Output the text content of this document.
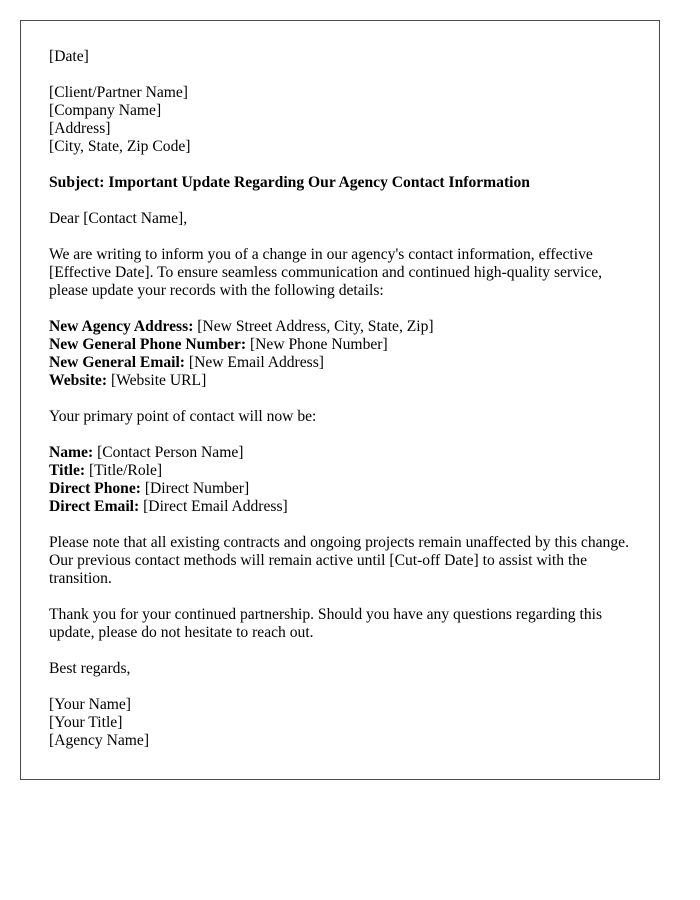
[Date]

[Client/Partner Name]

[Company Name]

[Address]

[City, State, Zip Code]

Subject: Important Update Regarding Our Agency Contact Information

Dear [Contact Name],

We are writing to inform you of a change in our agency's contact information, effective [Effective Date]. To ensure seamless communication and continued high-quality service, please update your records with the following details:

New Agency Address: [New Street Address, City, State, Zip]

New General Phone Number: [New Phone Number]

New General Email: [New Email Address]

Website: [Website URL]

Your primary point of contact will now be:

Name: [Contact Person Name]

Title: [Title/Role]

Direct Phone: [Direct Number]

Direct Email: [Direct Email Address]

Please note that all existing contracts and ongoing projects remain unaffected by this change. Our previous contact methods will remain active until [Cut-off Date] to assist with the transition.

Thank you for your continued partnership. Should you have any questions regarding this update, please do not hesitate to reach out.

Best regards,

[Your Name]

[Your Title]

[Agency Name]
